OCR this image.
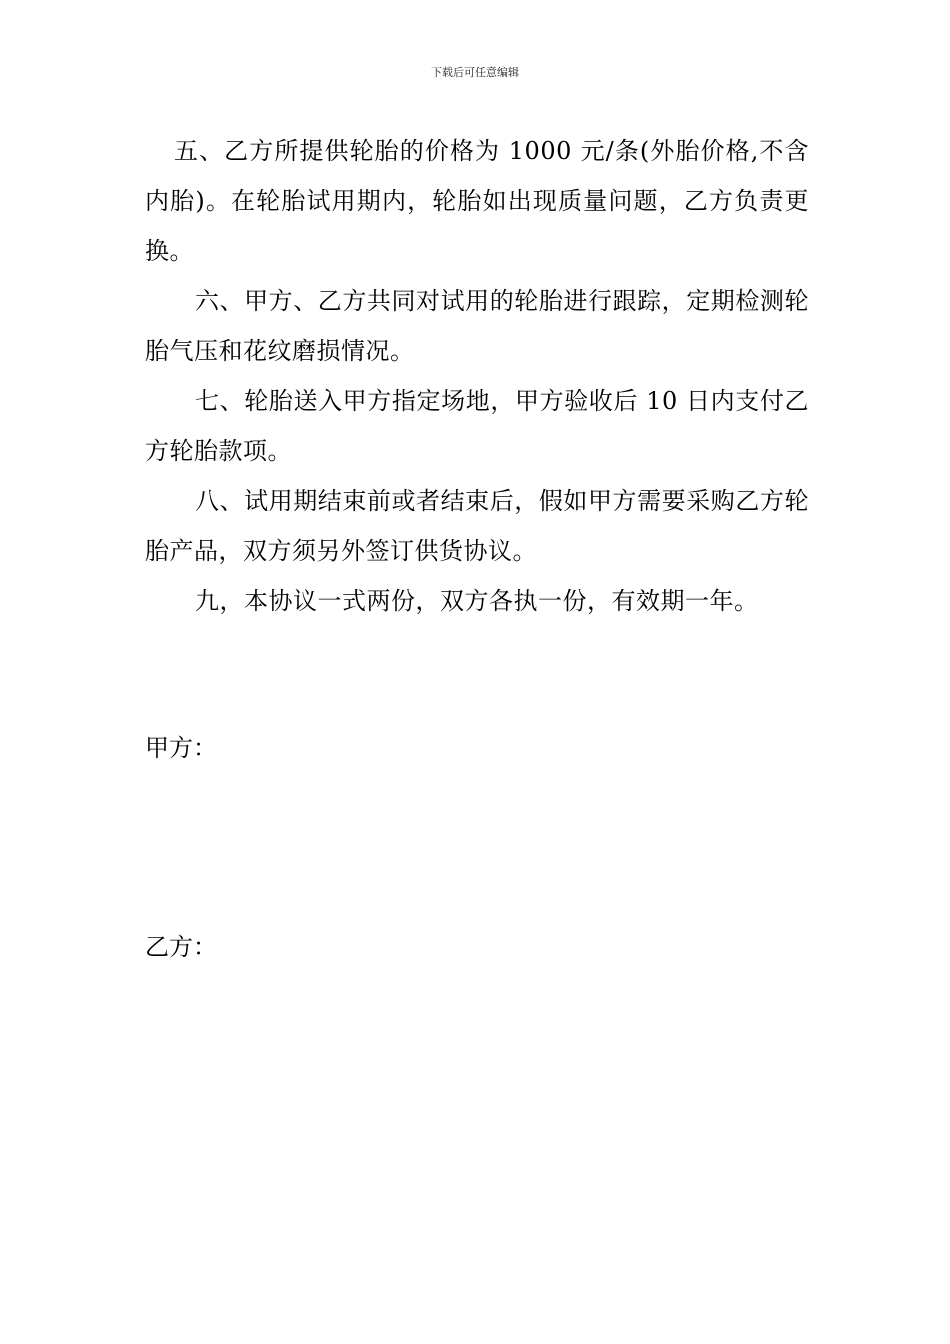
下载后可任意编辑

五、乙方所提供轮胎的价格为 1000 元/条(外胎价格,不含内胎)。在轮胎试用期内，轮胎如出现质量问题，乙方负责更换。

六、甲方、乙方共同对试用的轮胎进行跟踪，定期检测轮胎气压和花纹磨损情况。

七、轮胎送入甲方指定场地，甲方验收后 10 日内支付乙方轮胎款项。

八、试用期结束前或者结束后，假如甲方需要采购乙方轮胎产品，双方须另外签订供货协议。

九，本协议一式两份，双方各执一份，有效期一年。

甲方：
乙方：
